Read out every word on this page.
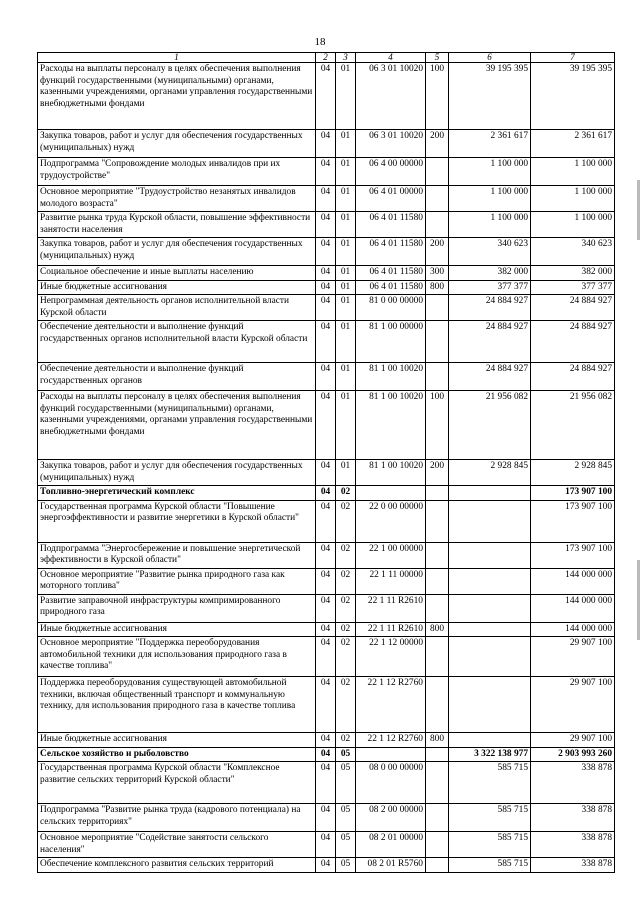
18
1	2	3	4	5	6	7
Расходы на выплаты персоналу в целях обеспечения выполнения функций государственными (муниципальными) органами, казенными учреждениями, органами управления государственными внебюджетными фондами	04	01	06 3 01 10020	100	39 195 395	39 195 395
Закупка товаров, работ и услуг для обеспечения государственных (муниципальных) нужд	04	01	06 3 01 10020	200	2 361 617	2 361 617
Подпрограмма "Сопровождение молодых инвалидов при их трудоустройстве"	04	01	06 4 00 00000		1 100 000	1 100 000
Основное мероприятие "Трудоустройство незанятых инвалидов молодого возраста"	04	01	06 4 01 00000		1 100 000	1 100 000
Развитие рынка труда Курской области, повышение эффективности занятости населения	04	01	06 4 01 11580		1 100 000	1 100 000
Закупка товаров, работ и услуг для обеспечения государственных (муниципальных) нужд	04	01	06 4 01 11580	200	340 623	340 623
Социальное обеспечение и иные выплаты населению	04	01	06 4 01 11580	300	382 000	382 000
Иные бюджетные ассигнования	04	01	06 4 01 11580	800	377 377	377 377
Непрограммная деятельность органов исполнительной власти Курской области	04	01	81 0 00 00000		24 884 927	24 884 927
Обеспечение деятельности и выполнение функций государственных органов исполнительной власти Курской области	04	01	81 1 00 00000		24 884 927	24 884 927
Обеспечение деятельности и выполнение функций государственных органов	04	01	81 1 00 10020		24 884 927	24 884 927
Расходы на выплаты персоналу в целях обеспечения выполнения функций государственными (муниципальными) органами, казенными учреждениями, органами управления государственными внебюджетными фондами	04	01	81 1 00 10020	100	21 956 082	21 956 082
Закупка товаров, работ и услуг для обеспечения государственных (муниципальных) нужд	04	01	81 1 00 10020	200	2 928 845	2 928 845
Топливно-энергетический комплекс	04	02				173 907 100
Государственная программа Курской области "Повышение энергоэффективности и развитие энергетики в Курской области"	04	02	22 0 00 00000			173 907 100
Подпрограмма "Энергосбережение и повышение энергетической эффективности в Курской области"	04	02	22 1 00 00000			173 907 100
Основное мероприятие "Развитие рынка природного газа как моторного топлива"	04	02	22 1 11 00000			144 000 000
Развитие заправочной инфраструктуры компримированного природного газа	04	02	22 1 11 R2610			144 000 000
Иные бюджетные ассигнования	04	02	22 1 11 R2610	800		144 000 000
Основное мероприятие "Поддержка переоборудования автомобильной техники для использования природного газа в качестве топлива"	04	02	22 1 12 00000			29 907 100
Поддержка переоборудования существующей автомобильной техники, включая общественный транспорт и коммунальную технику, для использования природного газа в качестве топлива	04	02	22 1 12 R2760			29 907 100
Иные бюджетные ассигнования	04	02	22 1 12 R2760	800		29 907 100
Сельское хозяйство и рыболовство	04	05			3 322 138 977	2 903 993 260
Государственная программа Курской области "Комплексное развитие сельских территорий Курской области"	04	05	08 0 00 00000		585 715	338 878
Подпрограмма "Развитие рынка труда (кадрового потенциала) на сельских территориях"	04	05	08 2 00 00000		585 715	338 878
Основное мероприятие "Содействие занятости сельского населения"	04	05	08 2 01 00000		585 715	338 878
Обеспечение комплексного развития сельских территорий	04	05	08 2 01 R5760		585 715	338 878
